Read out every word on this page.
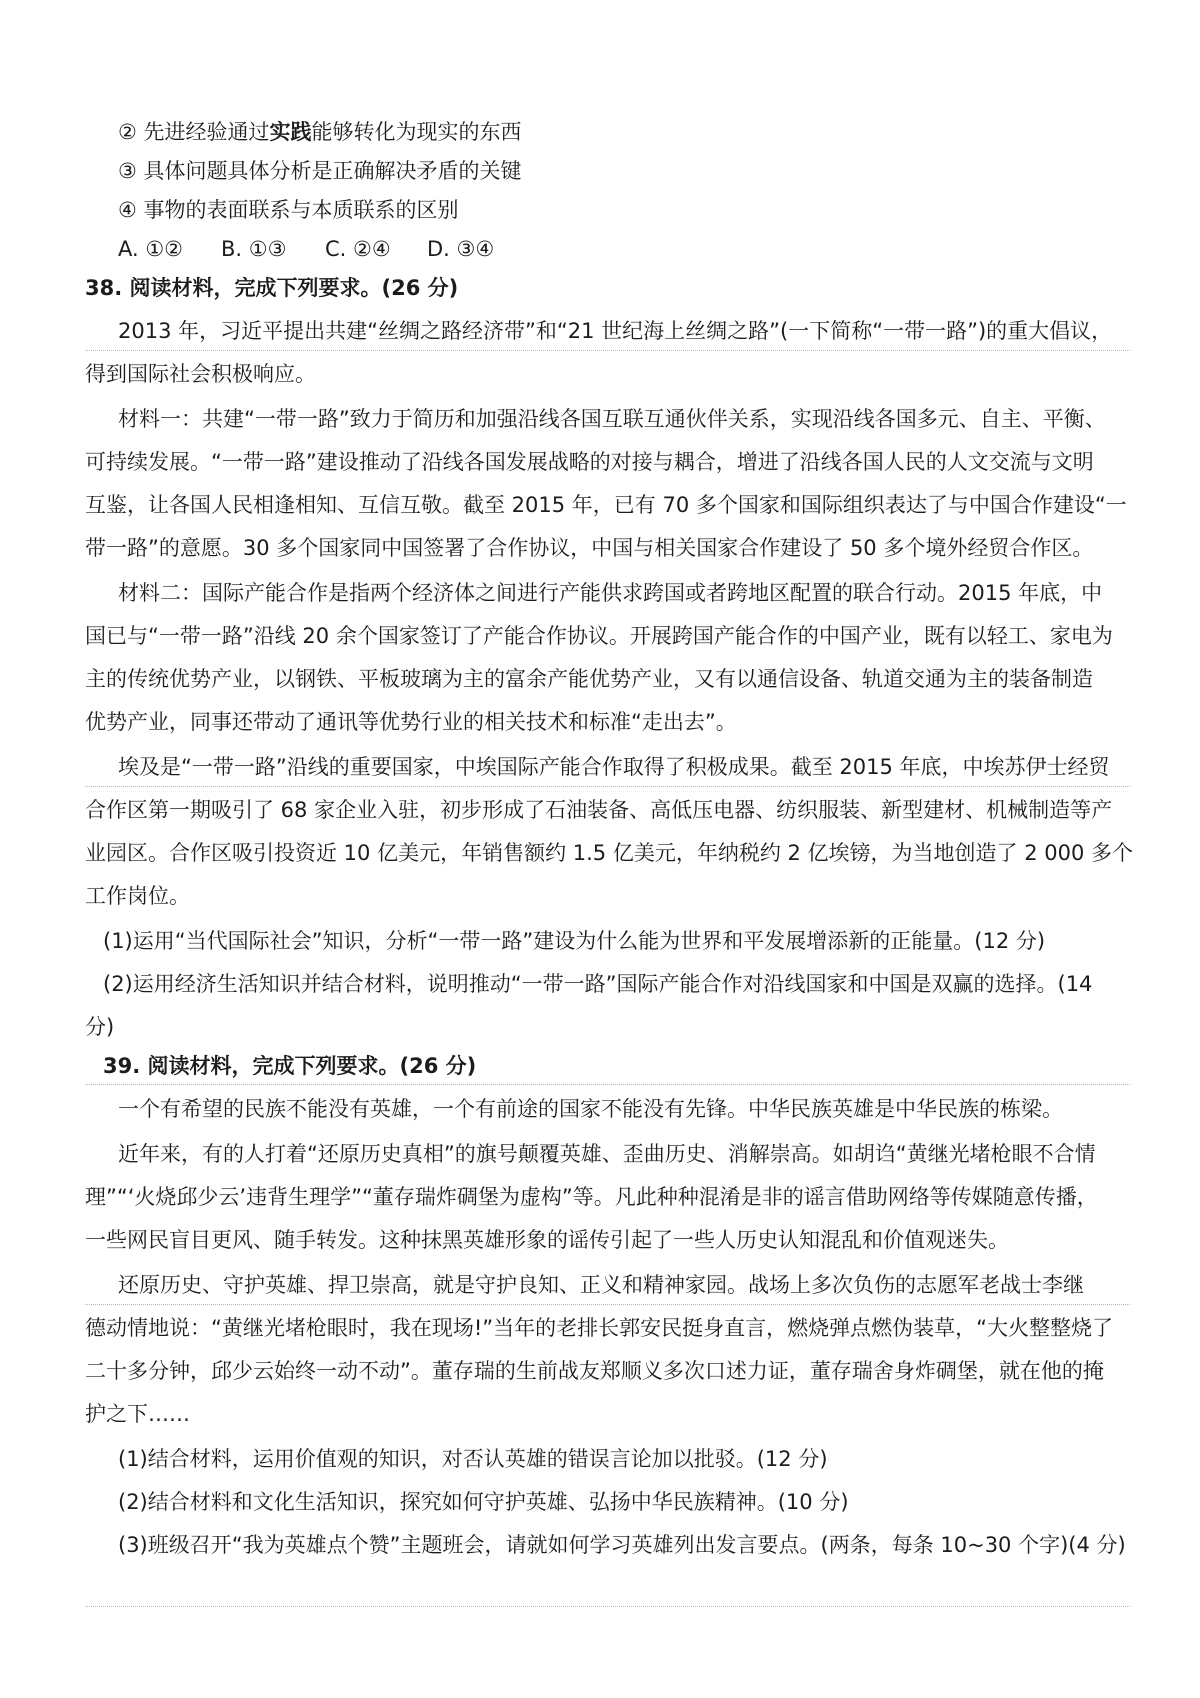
② 先进经验通过实践能够转化为现实的东西
③ 具体问题具体分析是正确解决矛盾的关键
④ 事物的表面联系与本质联系的区别
A. ①② B. ①③ C. ②④ D. ③④
38. 阅读材料，完成下列要求。(26 分)
2013 年，习近平提出共建“丝绸之路经济带”和“21 世纪海上丝绸之路”(一下简称“一带一路”)的重大倡议，
得到国际社会积极响应。
材料一：共建“一带一路”致力于简历和加强沿线各国互联互通伙伴关系，实现沿线各国多元、自主、平衡、
可持续发展。“一带一路”建设推动了沿线各国发展战略的对接与耦合，增进了沿线各国人民的人文交流与文明
互鉴，让各国人民相逢相知、互信互敬。截至 2015 年，已有 70 多个国家和国际组织表达了与中国合作建设“一
带一路”的意愿。30 多个国家同中国签署了合作协议，中国与相关国家合作建设了 50 多个境外经贸合作区。
材料二：国际产能合作是指两个经济体之间进行产能供求跨国或者跨地区配置的联合行动。2015 年底，中
国已与“一带一路”沿线 20 余个国家签订了产能合作协议。开展跨国产能合作的中国产业，既有以轻工、家电为
主的传统优势产业，以钢铁、平板玻璃为主的富余产能优势产业，又有以通信设备、轨道交通为主的装备制造
优势产业，同事还带动了通讯等优势行业的相关技术和标准“走出去”。
埃及是“一带一路”沿线的重要国家，中埃国际产能合作取得了积极成果。截至 2015 年底，中埃苏伊士经贸
合作区第一期吸引了 68 家企业入驻，初步形成了石油装备、高低压电器、纺织服装、新型建材、机械制造等产
业园区。合作区吸引投资近 10 亿美元，年销售额约 1.5 亿美元，年纳税约 2 亿埃镑，为当地创造了 2 000 多个
工作岗位。
(1)运用“当代国际社会”知识，分析“一带一路”建设为什么能为世界和平发展增添新的正能量。(12 分)
(2)运用经济生活知识并结合材料，说明推动“一带一路”国际产能合作对沿线国家和中国是双赢的选择。(14
分)
39. 阅读材料，完成下列要求。(26 分)
一个有希望的民族不能没有英雄，一个有前途的国家不能没有先锋。中华民族英雄是中华民族的栋梁。
近年来，有的人打着“还原历史真相”的旗号颠覆英雄、歪曲历史、消解崇高。如胡诌“黄继光堵枪眼不合情
理”“‘火烧邱少云’违背生理学”“董存瑞炸碉堡为虚构”等。凡此种种混淆是非的谣言借助网络等传媒随意传播，
一些网民盲目更风、随手转发。这种抹黑英雄形象的谣传引起了一些人历史认知混乱和价值观迷失。
还原历史、守护英雄、捍卫崇高，就是守护良知、正义和精神家园。战场上多次负伤的志愿军老战士李继
德动情地说：“黄继光堵枪眼时，我在现场!”当年的老排长郭安民挺身直言，燃烧弹点燃伪装草，“大火整整烧了
二十多分钟，邱少云始终一动不动”。董存瑞的生前战友郑顺义多次口述力证，董存瑞舍身炸碉堡，就在他的掩
护之下……
(1)结合材料，运用价值观的知识，对否认英雄的错误言论加以批驳。(12 分)
(2)结合材料和文化生活知识，探究如何守护英雄、弘扬中华民族精神。(10 分)
(3)班级召开“我为英雄点个赞”主题班会，请就如何学习英雄列出发言要点。(两条，每条 10~30 个字)(4 分)
